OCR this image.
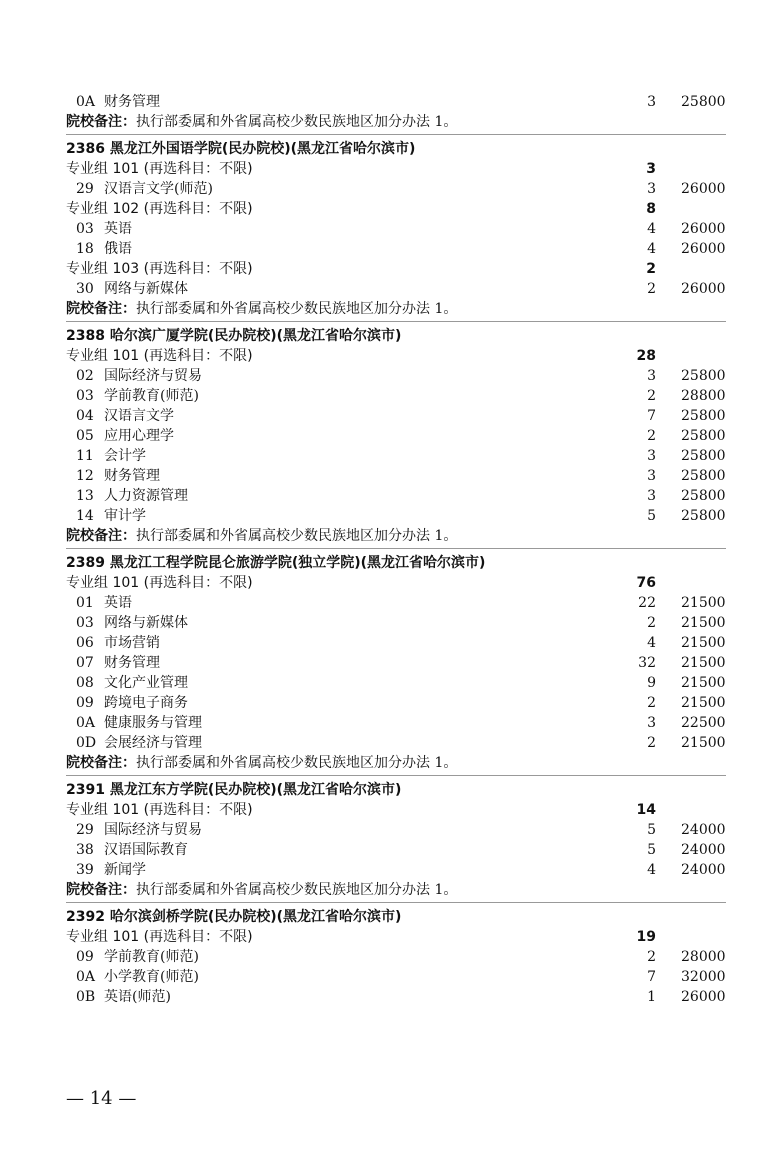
0A 财务管理	3 25800
院校备注：执行部委属和外省属高校少数民族地区加分办法 1。
2386 黑龙江外国语学院(民办院校)(黑龙江省哈尔滨市)
专业组 101 (再选科目：不限)	3
29 汉语言文学(师范)	3 26000
专业组 102 (再选科目：不限)	8
03 英语	4 26000
18 俄语	4 26000
专业组 103 (再选科目：不限)	2
30 网络与新媒体	2 26000
院校备注：执行部委属和外省属高校少数民族地区加分办法 1。
2388 哈尔滨广厦学院(民办院校)(黑龙江省哈尔滨市)
专业组 101 (再选科目：不限)	28
02 国际经济与贸易	3 25800
03 学前教育(师范)	2 28800
04 汉语言文学	7 25800
05 应用心理学	2 25800
11 会计学	3 25800
12 财务管理	3 25800
13 人力资源管理	3 25800
14 审计学	5 25800
院校备注：执行部委属和外省属高校少数民族地区加分办法 1。
2389 黑龙江工程学院昆仑旅游学院(独立学院)(黑龙江省哈尔滨市)
专业组 101 (再选科目：不限)	76
01 英语	22 21500
03 网络与新媒体	2 21500
06 市场营销	4 21500
07 财务管理	32 21500
08 文化产业管理	9 21500
09 跨境电子商务	2 21500
0A 健康服务与管理	3 22500
0D 会展经济与管理	2 21500
院校备注：执行部委属和外省属高校少数民族地区加分办法 1。
2391 黑龙江东方学院(民办院校)(黑龙江省哈尔滨市)
专业组 101 (再选科目：不限)	14
29 国际经济与贸易	5 24000
38 汉语国际教育	5 24000
39 新闻学	4 24000
院校备注：执行部委属和外省属高校少数民族地区加分办法 1。
2392 哈尔滨剑桥学院(民办院校)(黑龙江省哈尔滨市)
专业组 101 (再选科目：不限)	19
09 学前教育(师范)	2 28000
0A 小学教育(师范)	7 32000
0B 英语(师范)	1 26000
— 14 —
